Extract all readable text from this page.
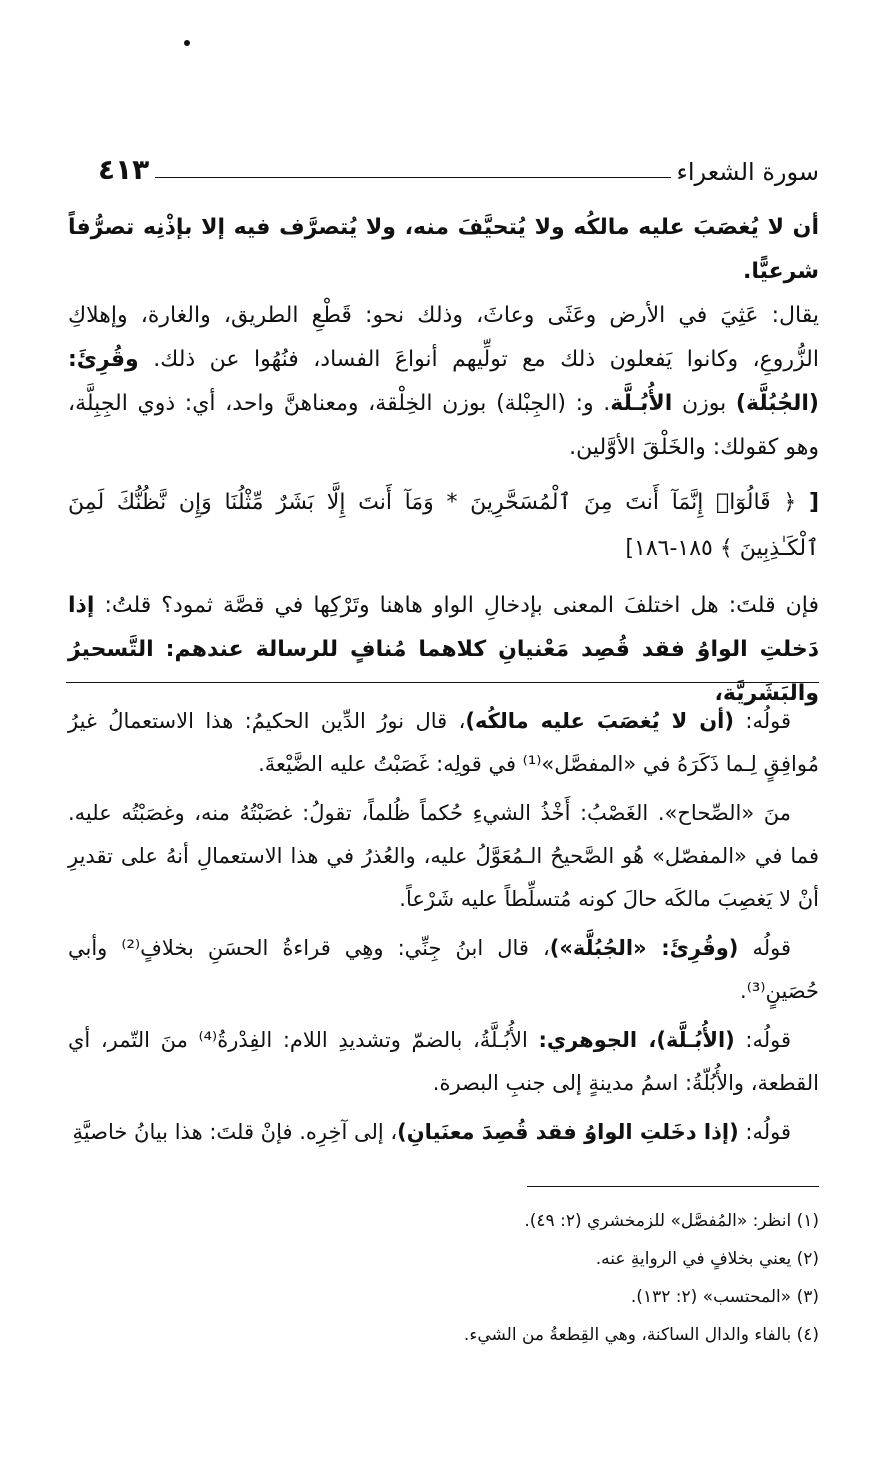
سورة الشعراء
٤١٣

أن لا يُغصَبَ عليه مالكُه ولا يُتحيَّفَ منه، ولا يُتصرَّف فيه إلا بإذْنِه تصرُّفاً شرعيًّا.

يقال: عَثِيَ في الأرض وعَثَى وعاثَ، وذلك نحو: قَطْعِ الطريق، والغارة، وإهلاكِ الزُّروعِ، وكانوا يَفعلون ذلك مع تولِّيهم أنواعَ الفساد، فنُهُوا عن ذلك. وقُرِئَ: (الجُبُلَّة) بوزن الأُبُـلَّة. و: (الجِبْلة) بوزن الخِلْقة، ومعناهنَّ واحد، أي: ذوي الجِبِلَّة، وهو كقولك: والخَلْقَ الأوَّلين.

[ ﴿ قَالُوٓا۟ إِنَّمَآ أَنتَ مِنَ ٱلْمُسَحَّرِينَ * وَمَآ أَنتَ إِلَّا بَشَرٌ مِّثْلُنَا وَإِن نَّظُنُّكَ لَمِنَ ٱلْكَـٰذِبِينَ ﴾ ١٨٥-١٨٦]

فإن قلتَ: هل اختلفَ المعنى بإدخالِ الواو هاهنا وتَرْكِها في قصَّة ثمود؟ قلتُ: إذا دَخلتِ الواوُ فقد قُصِد مَعْنيانِ كلاهما مُنافٍ للرسالة عندهم: التَّسحيرُ والبَشَريَّة،

قولُه: (أن لا يُغصَبَ عليه مالكُه)، قال نورُ الدِّين الحكيمُ: هذا الاستعمالُ غيرُ مُوافِقٍ لِـما ذَكَرَهُ في «المفصَّل»⁽¹⁾ في قولِه: غَصَبْتُ عليه الضَّيْعةَ.

منَ «الصِّحاح». الغَصْبُ: أَخْذُ الشيءِ حُكماً ظُلماً، تقولُ: غصَبْتُهُ منه، وغصَبْتُه عليه. فما في «المفصّل» هُو الصَّحيحُ الـمُعَوَّلُ عليه، والعُذرُ في هذا الاستعمالِ أنهُ على تقديرِ أنْ لا يَغصِبَ مالكَه حالَ كونه مُتسلِّطاً عليه شَرْعاً.

قولُه (وقُرِئَ: «الجُبُلَّة»)، قال ابنُ جِنِّي: وهِي قراءةُ الحسَنِ بخلافٍ⁽²⁾ وأبي حُصَينٍ⁽³⁾.

قولُه: (الأُبُـلَّة)، الجوهري: الأُبُـلَّةُ، بالضمّ وتشديدِ اللام: الفِدْرةُ⁽⁴⁾ منَ التّمر، أي القطعة، والأُبُلّةُ: اسمُ مدينةٍ إلى جنبِ البصرة.

قولُه: (إذا دخَلتِ الواوُ فقد قُصِدَ معنَيانِ)، إلى آخِرِه. فإنْ قلتَ: هذا بيانُ خاصيَّةِ

(١) انظر: «المُفصَّل» للزمخشري (٢: ٤٩).

(٢) يعني بخلافٍ في الروايةِ عنه.

(٣) «المحتسب» (٢: ١٣٢).

(٤) بالفاء والدال الساكنة، وهي القِطعةُ من الشيء.
